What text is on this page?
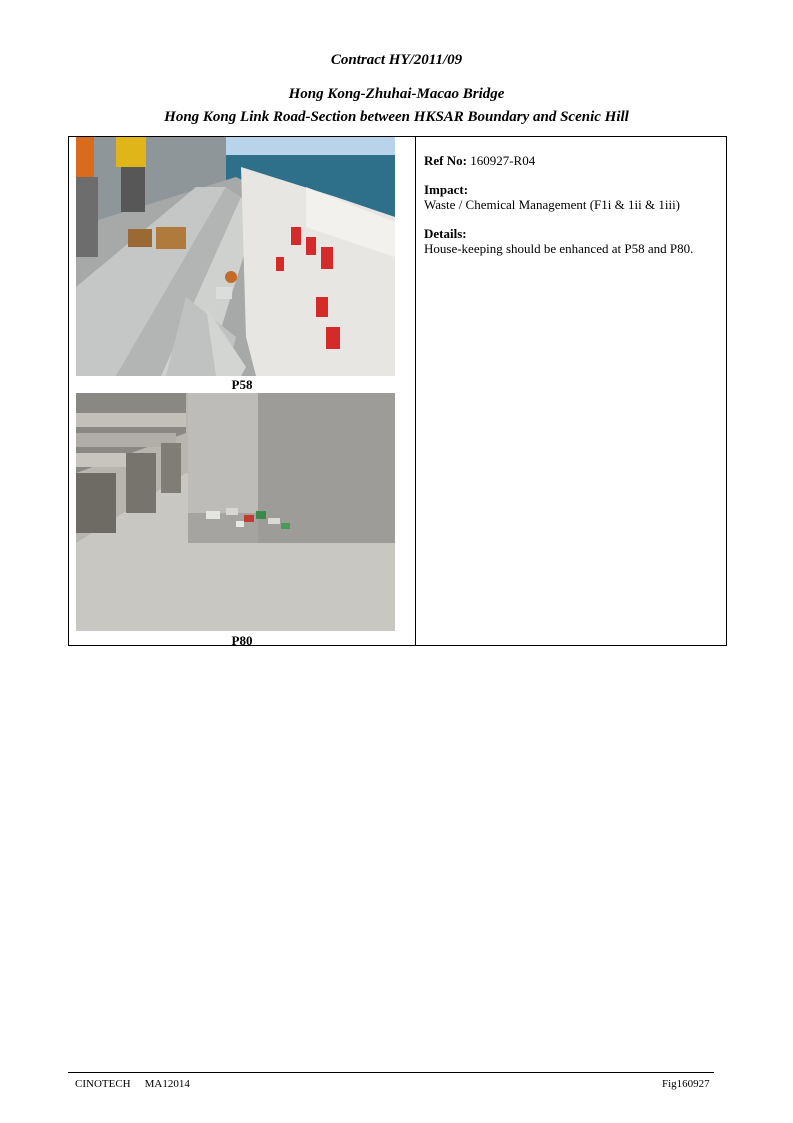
Contract HY/2011/09
Hong Kong-Zhuhai-Macao Bridge
Hong Kong Link Road-Section between HKSAR Boundary and Scenic Hill
P58
P80
Ref No: 160927-R04
Impact:
Waste / Chemical Management (F1i & 1ii & 1iii)
Details:
House-keeping should be enhanced at P58 and P80.
CINOTECH MA12014	Fig160927
